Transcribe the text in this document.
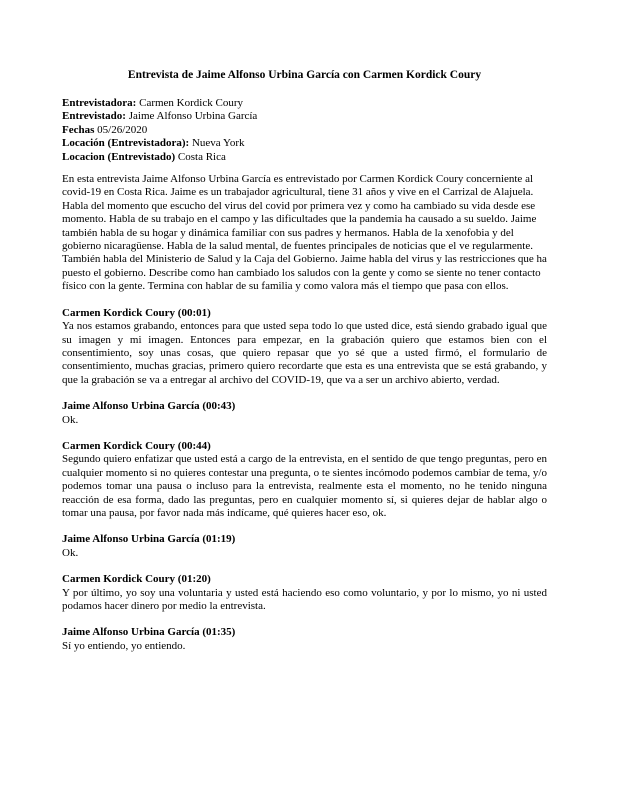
Entrevista de Jaime Alfonso Urbina García con Carmen Kordick Coury

Entrevistadora: Carmen Kordick Coury

Entrevistado: Jaime Alfonso Urbina García

Fechas 05/26/2020

Locación (Entrevistadora): Nueva York

Locacion (Entrevistado) Costa Rica

En esta entrevista Jaime Alfonso Urbina García es entrevistado por Carmen Kordick Coury concerniente al covid-19 en Costa Rica. Jaime es un trabajador agricultural, tiene 31 años y vive en el Carrizal de Alajuela. Habla del momento que escucho del virus del covid por primera vez y como ha cambiado su vida desde ese momento. Habla de su trabajo en el campo y las dificultades que la pandemia ha causado a su sueldo. Jaime también habla de su hogar y dinámica familiar con sus padres y hermanos. Habla de la xenofobia y del gobierno nicaragüense. Habla de la salud mental, de fuentes principales de noticias que el ve regularmente. También habla del Ministerio de Salud y la Caja del Gobierno. Jaime habla del virus y las restricciones que ha puesto el gobierno. Describe como han cambiado los saludos con la gente y como se siente no tener contacto físico con la gente. Termina con hablar de su familia y como valora más el tiempo que pasa con ellos.

Carmen Kordick Coury (00:01)

Ya nos estamos grabando, entonces para que usted sepa todo lo que usted dice, está siendo grabado igual que su imagen y mi imagen. Entonces para empezar, en la grabación quiero que estamos bien con el consentimiento, soy unas cosas, que quiero repasar que yo sé que a usted firmó, el formulario de consentimiento, muchas gracias, primero quiero recordarte que esta es una entrevista que se está grabando, y que la grabación se va a entregar al archivo del COVID-19, que va a ser un archivo abierto, verdad.

Jaime Alfonso Urbina García (00:43)

Ok.

Carmen Kordick Coury (00:44)

Segundo quiero enfatizar que usted está a cargo de la entrevista, en el sentido de que tengo preguntas, pero en cualquier momento si no quieres contestar una pregunta, o te sientes incómodo podemos cambiar de tema, y/o podemos tomar una pausa o incluso para la entrevista, realmente esta el momento, no he tenido ninguna reacción de esa forma, dado las preguntas, pero en cualquier momento sí, si quieres dejar de hablar algo o tomar una pausa, por favor nada más indícame, qué quieres hacer eso, ok.

Jaime Alfonso Urbina García (01:19)

Ok.

Carmen Kordick Coury (01:20)

Y por último, yo soy una voluntaria y usted está haciendo eso como voluntario, y por lo mismo, yo ni usted podamos hacer dinero por medio la entrevista.

Jaime Alfonso Urbina García (01:35)

Sí yo entiendo, yo entiendo.
